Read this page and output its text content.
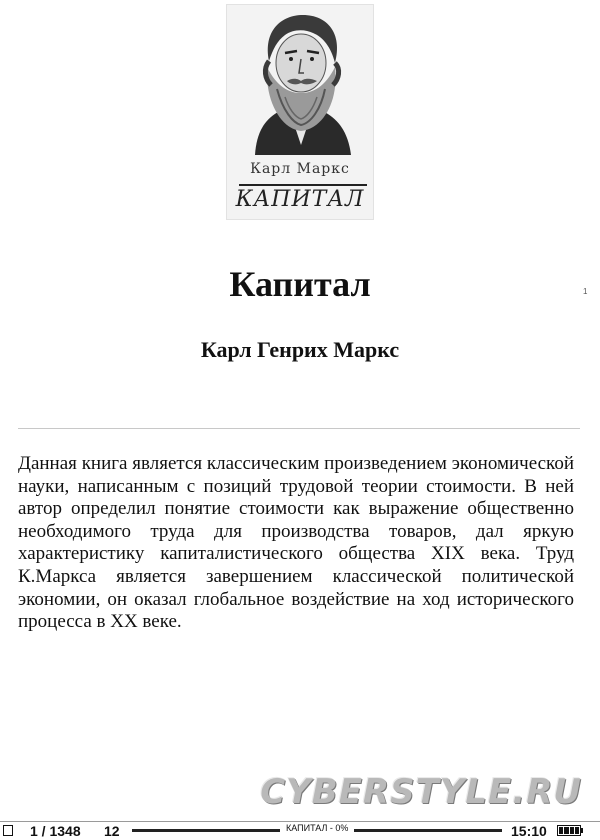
Карл Маркс
КАПИТАЛ
1
Капитал
Карл Генрих Маркс

Данная книга является классическим произведением экономической науки, написанным с позиций трудовой теории стоимости. В ней автор определил понятие стоимости как выражение общественно необходимого труда для производства товаров, дал яркую характеристику капиталистического общества XIX века. Труд К.Маркса является завершением классической политической экономии, он оказал глобальное воздействие на ход исторического процесса в XX веке.

CYBERSTYLE.RU
1 / 1348 12	КАПИТАЛ - 0%	15:10
